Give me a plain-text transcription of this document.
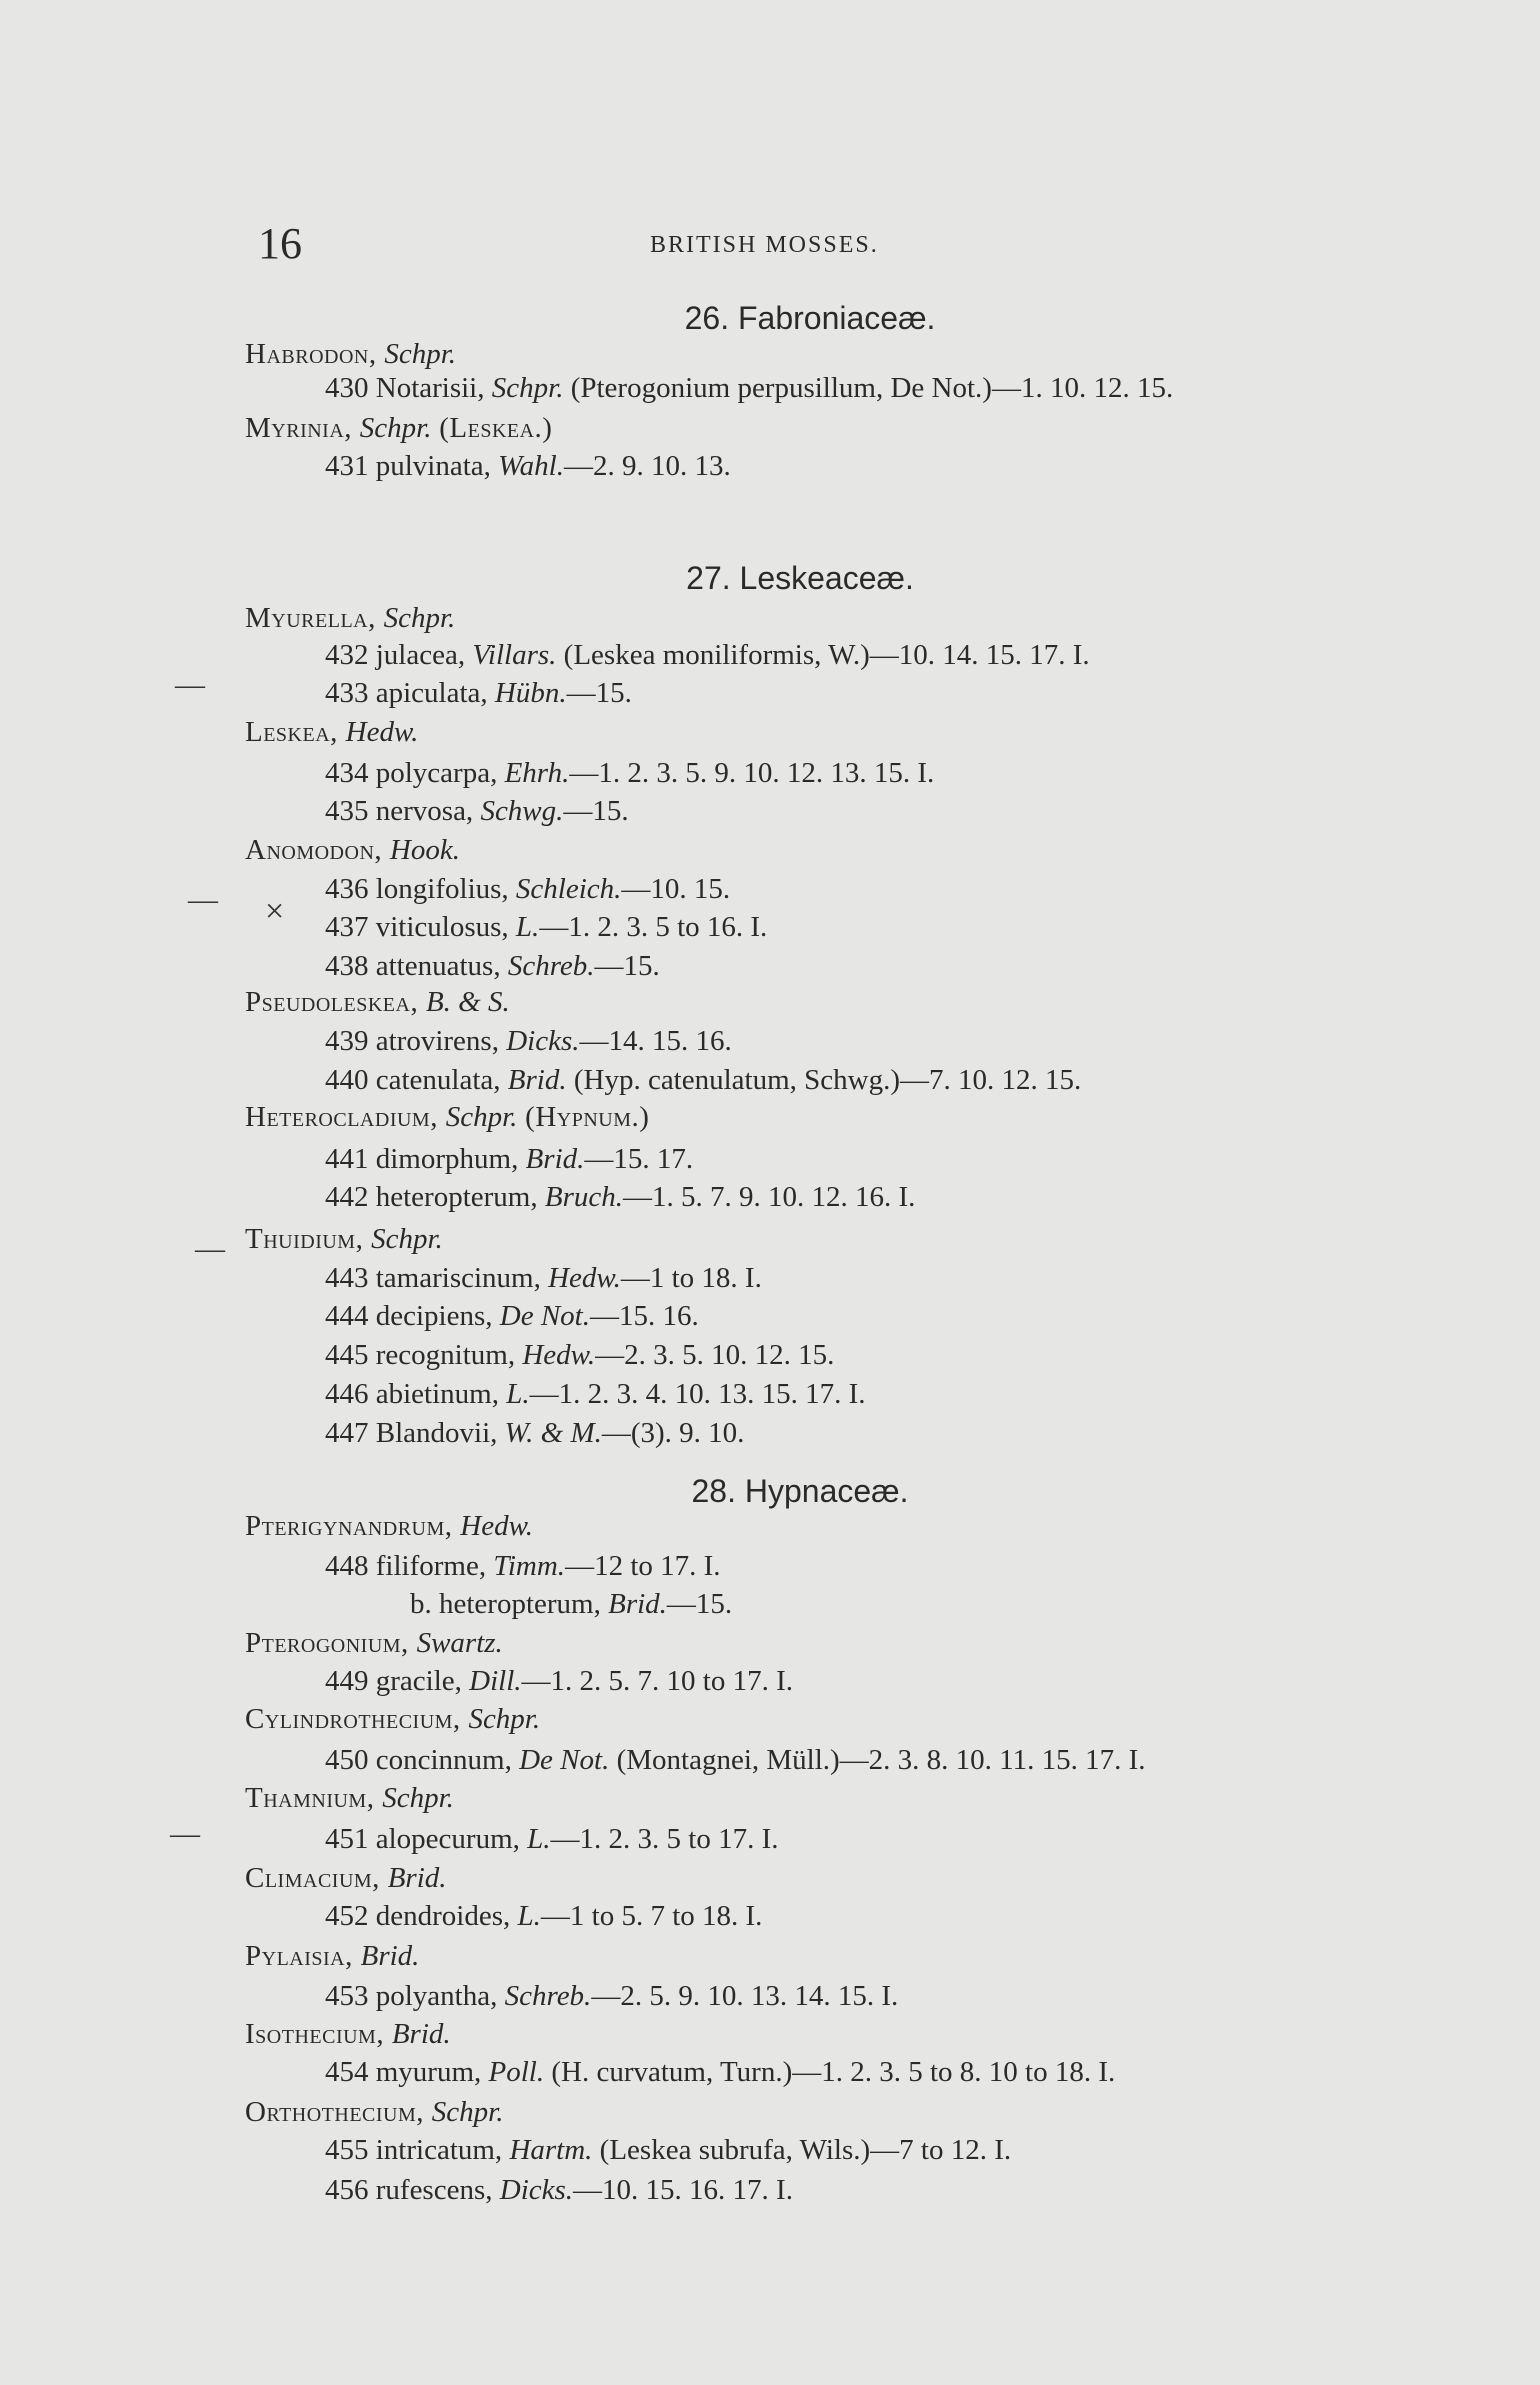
16	BRITISH MOSSES.
26. Fabroniaceæ.
27. Leskeaceæ.
28. Hypnaceæ.
Habrodon, Schpr.
430 Notarisii, Schpr. (Pterogonium perpusillum, De Not.)—1. 10. 12. 15.
Myrinia, Schpr. (Leskea.)
431 pulvinata, Wahl.—2. 9. 10. 13.
Myurella, Schpr.
432 julacea, Villars. (Leskea moniliformis, W.)—10. 14. 15. 17. I.
433 apiculata, Hübn.—15.
Leskea, Hedw.
434 polycarpa, Ehrh.—1. 2. 3. 5. 9. 10. 12. 13. 15. I.
435 nervosa, Schwg.—15.
Anomodon, Hook.
436 longifolius, Schleich.—10. 15.
437 viticulosus, L.—1. 2. 3. 5 to 16. I.
438 attenuatus, Schreb.—15.
Pseudoleskea, B. & S.
439 atrovirens, Dicks.—14. 15. 16.
440 catenulata, Brid. (Hyp. catenulatum, Schwg.)—7. 10. 12. 15.
Heterocladium, Schpr. (Hypnum.)
441 dimorphum, Brid.—15. 17.
442 heteropterum, Bruch.—1. 5. 7. 9. 10. 12. 16. I.
Thuidium, Schpr.
443 tamariscinum, Hedw.—1 to 18. I.
444 decipiens, De Not.—15. 16.
445 recognitum, Hedw.—2. 3. 5. 10. 12. 15.
446 abietinum, L.—1. 2. 3. 4. 10. 13. 15. 17. I.
447 Blandovii, W. & M.—(3). 9. 10.
Pterigynandrum, Hedw.
448 filiforme, Timm.—12 to 17. I.
b. heteropterum, Brid.—15.
Pterogonium, Swartz.
449 gracile, Dill.—1. 2. 5. 7. 10 to 17. I.
Cylindrothecium, Schpr.
450 concinnum, De Not. (Montagnei, Müll.)—2. 3. 8. 10. 11. 15. 17. I.
Thamnium, Schpr.
451 alopecurum, L.—1. 2. 3. 5 to 17. I.
Climacium, Brid.
452 dendroides, L.—1 to 5. 7 to 18. I.
Pylaisia, Brid.
453 polyantha, Schreb.—2. 5. 9. 10. 13. 14. 15. I.
Isothecium, Brid.
454 myurum, Poll. (H. curvatum, Turn.)—1. 2. 3. 5 to 8. 10 to 18. I.
Orthothecium, Schpr.
455 intricatum, Hartm. (Leskea subrufa, Wils.)—7 to 12. I.
456 rufescens, Dicks.—10. 15. 16. 17. I.
—
— ×
—
—
